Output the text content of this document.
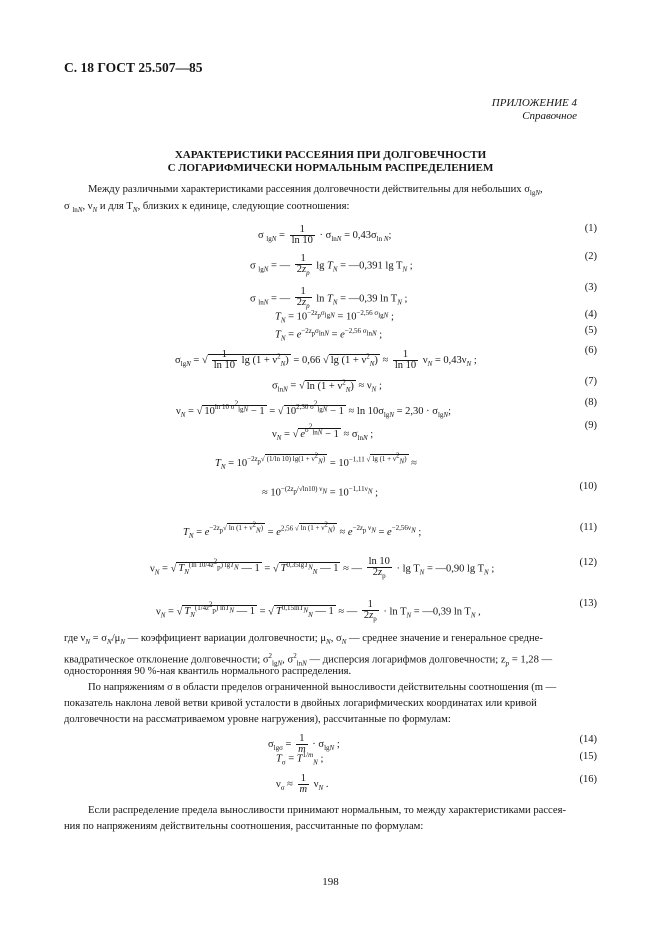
С. 18 ГОСТ 25.507—85
ПРИЛОЖЕНИЕ 4
Справочное
ХАРАКТЕРИСТИКИ РАССЕЯНИЯ ПРИ ДОЛГОВЕЧНОСТИ
С ЛОГАРИФМИЧЕСКИ НОРМАЛЬНЫМ РАСПРЕДЕЛЕНИЕМ
Между различными характеристиками рассеяния долговечности действительны для небольших $\sigma_{lgN}$,
σ $_{lnN}$, $\nu_N$ и для $T_N$, близких к единице, следующие соотношения:
σ $_{lgN} = \frac{1}{\ln 10} \cdot \sigma_{lnN} = 0,43\sigma_{ln N}$;
(1)
σ $_{lgN}$ = — $\frac{1}{2z_p}$ $\lg T_N$ = —0,391 $\lg T_N$ ;
(2)
σ $_{lnN}$ = — $\frac{1}{2z_p}$ $\ln T_N$ = —0,39 $\ln T_N$ ;
(3)
$T_N = 10^{-2z_p\sigma_{lgN}} = 10^{-2,56 \sigma_{lgN}}$ ;	(4)
$T_N = e^{-2z_p\sigma_{lnN}} = e^{-2,56 \sigma_{lnN}}$ ;	(5)
$\sigma_{lgN}$ = √ $\frac{1}{\ln 10}$ $\lg (1 + \nu^2_N) = 0,66$ √ $\lg (1 + \nu^2_N) \approx \frac{1}{\ln 10} \nu_N = 0,43\nu_N$ ;
(6)
$\sigma_{lnN}$ = √ $\ln (1 + \nu^2_N) \approx \nu_N$ ;	(7)
$\nu_N$ = √ $10^{ln 10 \sigma^2_{lgN}} - 1$ = √ $10^{2,30 \sigma^2_{lgN}} - 1 \approx \ln 10\sigma_{lgN} = 2,30 \cdot \sigma_{lgN}$;
(8)
$\nu_N$ = √ $e^{\sigma^2_{lnN}} - 1 \approx \sigma_{lnN}$ ;
(9)
$T_N = 10^{-2z_p√ (1/ln 10) lg(1 + \nu^2_N)} = 10^{-1,11 √ lg (1 + \nu^2_N)}$ ≈
≈ $10^{-(2z_p/√ln10) \nu_N} = 10^{-1,11\nu_N}$ ;
(10)
$T_N = e^{-2z_p√ ln (1 + \nu^2_N)} = e^{2,56 √ ln (1 + \nu^2_N)} \approx e^{-2z_p \nu_N} = e^{-2,56\nu_N}$ ;	(11)
$\nu_N$ = √ $T_N^{(ln 10/4z^2_p) lgT_N}$ — 1 = √ $T^{0,35lgT_N}_N$ — 1 ≈ — $\frac{\ln 10}{2z_p} \cdot \lg T_N$ = —0,90 $\lg T_N$ ;
(12)
$\nu_N$ = √ $T_N^{(1/4z^2_p) lnT_N}$ — 1 = √ $T^{0,15lnT_N}_N$ — 1 ≈ — $\frac{1}{2z_p} \cdot \ln T_N$ = —0,39 $\ln T_N$ ,
(13)
где $\nu_N = \sigma_N/\mu_N$ — коэффициент вариации долговечности; $\mu_N$, $\sigma_N$ — среднее значение и генеральное средне-
квадратическое отклонение долговечности; $\sigma^2_{lgN}$, $\sigma^2_{lnN}$ — дисперсия логарифмов долговечности; $z_p = 1,28$ —
односторонняя 90 %-ная квантиль нормального распределения.
По напряжениям σ в области пределов ограниченной выносливости действительны соотношения (m —
показатель наклона левой ветви кривой усталости в двойных логарифмических координатах или кривой
долговечности на рассматриваемом уровне нагружения), рассчитанные по формулам:
$\sigma_{lg\sigma} = \frac{1}{m} \cdot \sigma_{lgN}$ ;	(14)
$T_\sigma = T^{1/m}_N$ ;	(15)
$\nu_\sigma \approx \frac{1}{m} \nu_N$ .	(16)
Если распределение предела выносливости принимают нормальным, то между характеристиками рассея-
ния по напряжениям действительны соотношения, рассчитанные по формулам:
198
